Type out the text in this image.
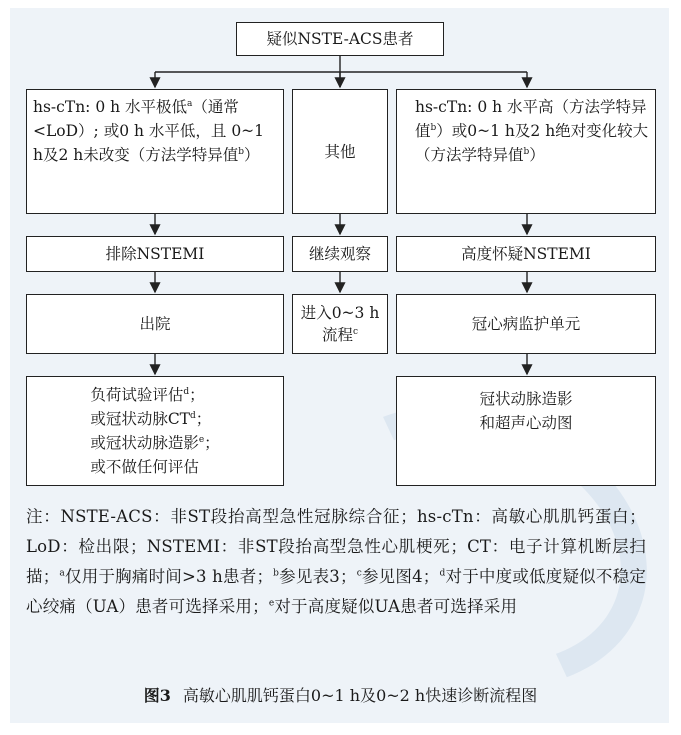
疑似NSTE-ACS患者
hs-cTn: 0 h 水平极低$^a$（通常<LoD）; 或0 h 水平低，且 0~1 h及2 h未改变（方法学特异值$^b$）	其他
hs-cTn: 0 h 水平高（方法学特异值$^b$）或0~1 h及2 h绝对变化较大（方法学特异值$^b$）
排除NSTEMI	继续观察	高度怀疑NSTEMI
出院
进入0~3 h流程$^c$	冠心病监护单元
负荷试验评估$^d$；
或冠状动脉$CT^d$；
或冠状动脉造影$^e$；
或不做任何评估
冠状动脉造影
和超声心动图
注：NSTE-ACS：非ST段抬高型急性冠脉综合征；hs-cTn：高敏心肌肌钙蛋白；LoD：检出限；NSTEMI：非ST段抬高型急性心肌梗死；CT：电子计算机断层扫描；$^a$仅用于胸痛时间>3 h患者；$^b$参见表3；$^c$参见图4；$^d$对于中度或低度疑似不稳定心绞痛（UA）患者可选择采用；$^e$对于高度疑似UA患者可选择采用
图3 高敏心肌肌钙蛋白0~1 h及0~2 h快速诊断流程图
